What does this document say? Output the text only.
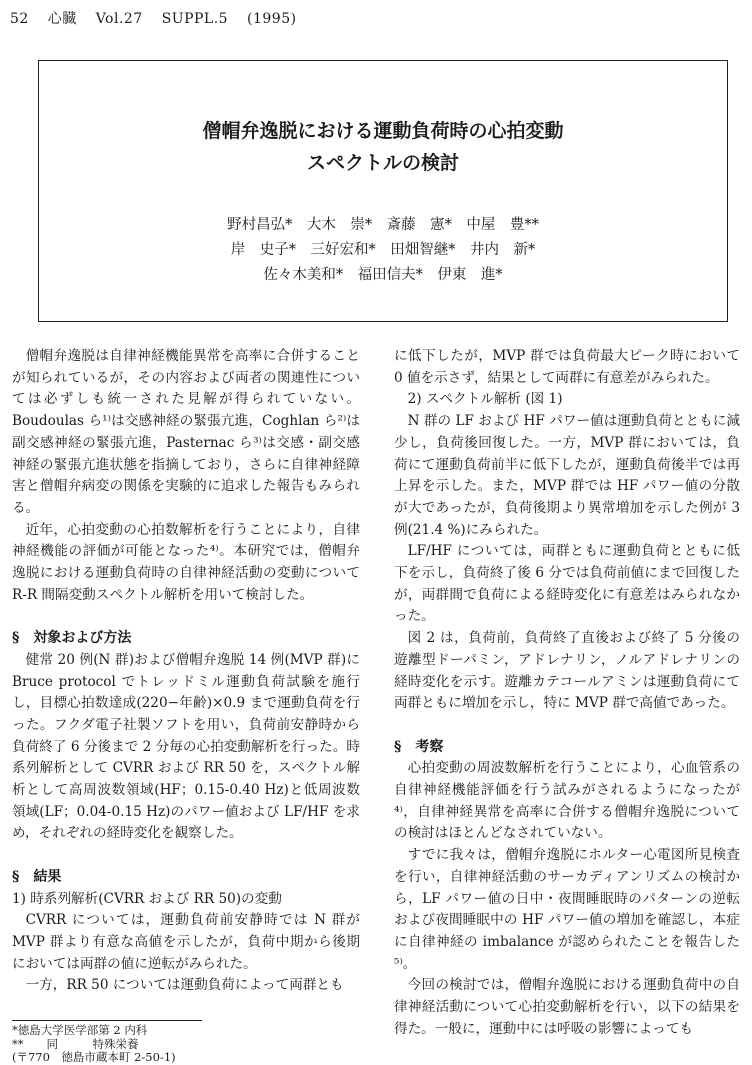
52 心臓 Vol.27 SUPPL.5 (1995)
僧帽弁逸脱における運動負荷時の心拍変動
スペクトルの検討
野村昌弘*　大木　崇*　斎藤　憲*　中屋　豊**
岸　史子*　三好宏和*　田畑智継*　井内　新*
佐々木美和*　福田信夫*　伊東　進*

僧帽弁逸脱は自律神経機能異常を高率に合併することが知られているが，その内容および両者の関連性については必ずしも統一された見解が得られていない。Boudoulas ら¹⁾は交感神経の緊張亢進，Coghlan ら²⁾は副交感神経の緊張亢進，Pasternac ら³⁾は交感・副交感神経の緊張亢進状態を指摘しており，さらに自律神経障害と僧帽弁病変の関係を実験的に追求した報告もみられる。

近年，心拍変動の心拍数解析を行うことにより，自律神経機能の評価が可能となった⁴⁾。本研究では，僧帽弁逸脱における運動負荷時の自律神経活動の変動について R-R 間隔変動スペクトル解析を用いて検討した。

§　対象および方法

健常 20 例(N 群)および僧帽弁逸脱 14 例(MVP 群)に Bruce protocol でトレッドミル運動負荷試験を施行し，目標心拍数達成(220−年齢)×0.9 まで運動負荷を行った。フクダ電子社製ソフトを用い，負荷前安静時から負荷終了 6 分後まで 2 分毎の心拍変動解析を行った。時系列解析として CVRR および RR 50 を，スペクトル解析として高周波数領域(HF；0.15-0.40 Hz)と低周波数領域(LF；0.04-0.15 Hz)のパワー値および LF/HF を求め，それぞれの経時変化を観察した。

§　結果

1) 時系列解析(CVRR および RR 50)の変動

CVRR については，運動負荷前安静時では N 群が MVP 群より有意な高値を示したが，負荷中期から後期においては両群の値に逆転がみられた。

一方，RR 50 については運動負荷によって両群とも

に低下したが，MVP 群では負荷最大ピーク時において 0 値を示さず，結果として両群に有意差がみられた。

2) スペクトル解析 (図 1)

N 群の LF および HF パワー値は運動負荷とともに減少し，負荷後回復した。一方，MVP 群においては，負荷にて運動負荷前半に低下したが，運動負荷後半では再上昇を示した。また，MVP 群では HF パワー値の分散が大であったが，負荷後期より異常増加を示した例が 3 例(21.4 %)にみられた。

LF/HF については，両群ともに運動負荷とともに低下を示し，負荷終了後 6 分では負荷前値にまで回復したが，両群間で負荷による経時変化に有意差はみられなかった。

図 2 は，負荷前，負荷終了直後および終了 5 分後の遊離型ドーパミン，アドレナリン，ノルアドレナリンの経時変化を示す。遊離カテコールアミンは運動負荷にて両群ともに増加を示し，特に MVP 群で高値であった。

§　考察

心拍変動の周波数解析を行うことにより，心血管系の自律神経機能評価を行う試みがされるようになったが⁴⁾，自律神経異常を高率に合併する僧帽弁逸脱についての検討はほとんどなされていない。

すでに我々は，僧帽弁逸脱にホルター心電図所見検査を行い，自律神経活動のサーカディアンリズムの検討から，LF パワー値の日中・夜間睡眠時のパターンの逆転および夜間睡眠中の HF パワー値の増加を確認し，本症に自律神経の imbalance が認められたことを報告した⁵⁾。

今回の検討では，僧帽弁逸脱における運動負荷中の自律神経活動について心拍変動解析を行い，以下の結果を得た。一般に，運動中には呼吸の影響によっても

*徳島大学医学部第 2 内科
**　　同　　　特殊栄養
(〒770　徳島市蔵本町 2-50-1)
